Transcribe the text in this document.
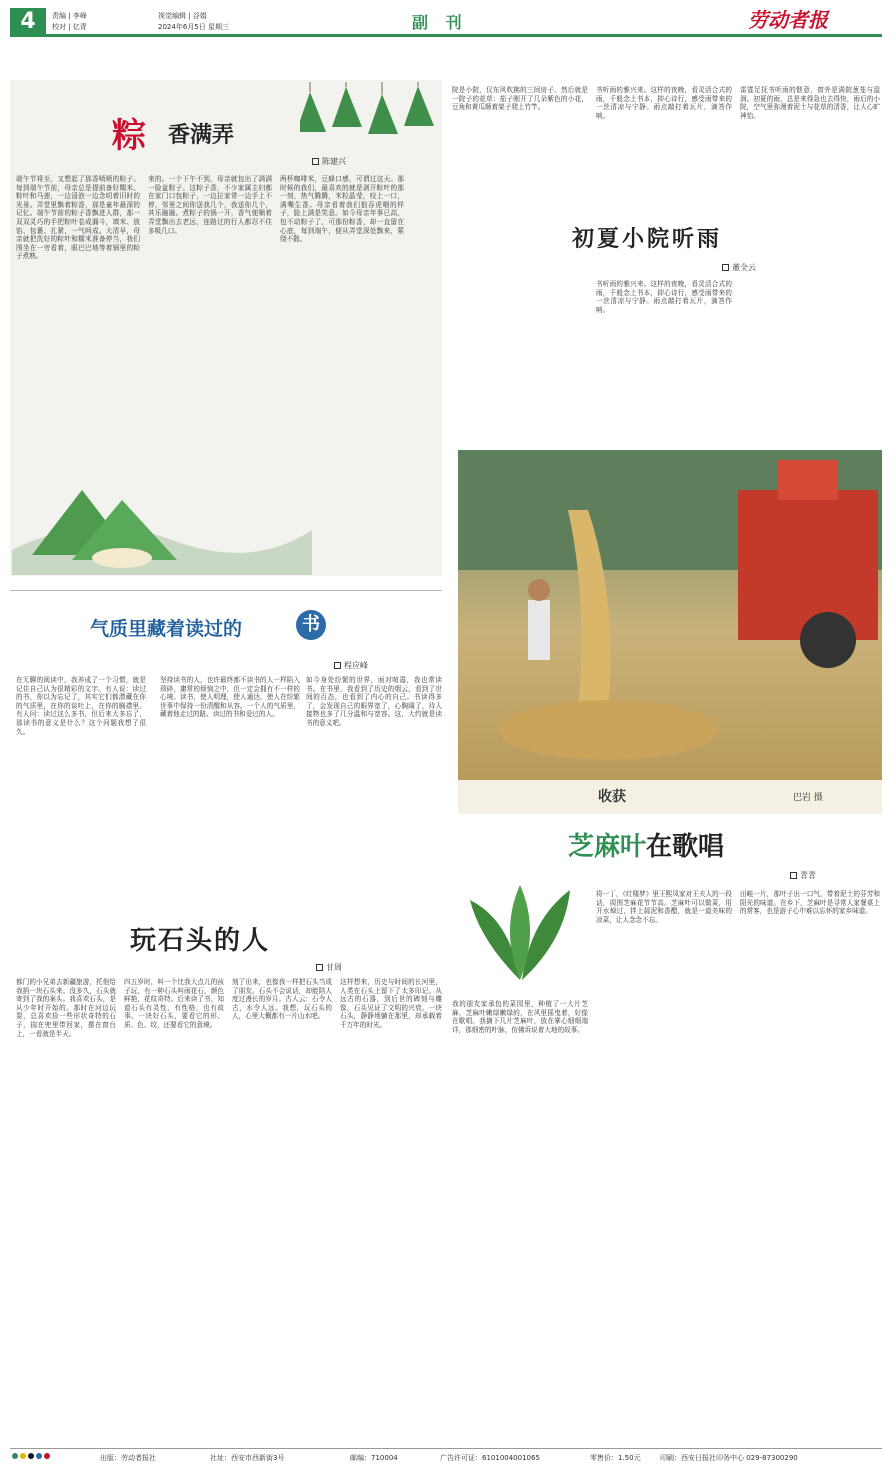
4	责编 | 李峰
校对 | 亿青
视觉编辑 | 谷娟
2024年6月5日 星期三	副 刊	劳动者报
粽 香满弄
陈建兴
端午节将至，又想起了那香喷喷的粽子。每到端午节前，母亲总是提前备好糯米、粽叶和马莲，一边浸泡一边念叨着旧时的光景。弄堂里飘着粽香，那是童年最深的记忆。端午节前的粽子香飘进人群，那一双双灵巧的手把粽叶卷成漏斗，填米、放馅、包裹、扎紧，一气呵成。大清早，母亲就把洗好的粽叶和糯米准备停当，我们围坐在一旁看着，眼巴巴地等着锅里的粽子煮熟。
来的。一个下午不到，母亲就包出了满满一脸盆粽子。这粽子香，不少家属主妇都在家门口包粽子，一边拉家常一边手上不停，邻里之间你送我几个，我送你几个，其乐融融。煮粽子的锅一开，香气便顺着弄堂飘出去老远，连路过的行人都忍不住多吸几口。
两杯咖啡米，豆蜂口感，可谓过这天。那时候的我们，最喜欢的就是剥开粽叶的那一刻，热气腾腾，米粒晶莹，咬上一口，满嘴生香。母亲看着我们狼吞虎咽的样子，脸上满是笑意。如今母亲年事已高，包不动粽子了，可那份粽香，却一直留在心底，每到端午，便从弄堂深处飘来，萦绕不散。
气质里藏着读过的	书
程应峰
在无聊的阅读中，我养成了一个习惯，就是记住自己认为很精彩的文字。有人说：读过的书，你以为忘记了，其实它们都潜藏在你的气质里，在你的谈吐上，在你的胸襟里。有人问：读过这么多书，但后来大多忘了，那读书的意义是什么？这个问题我想了很久。
坚持读书的人，也许最终都不读书的人一样陷入琐碎，庸常的烦恼之中，但一定会拥有不一样的心境。读书，使人明理，使人通达，使人在纷繁世事中保持一份清醒和从容。一个人的气质里，藏着他走过的路、读过的书和爱过的人。
如今身处纷繁的世界，面对喧嚣，我也常读书。在书里，我看到了历史的烟云，看到了世间的百态，也看到了内心的自己。书读得多了，会发现自己的眼界宽了，心胸阔了，待人接物也多了几分温和与宽容。这，大约就是读书的意义吧。
玩石头的人
甘周
都门的小兄弟去新疆旅游，托他给我捎一块石头来。没多久，石头就寄到了我的案头。我喜欢石头，是从少年时开始的。那时在河边玩耍，总喜欢捡一些形状奇特的石子，揣在兜里带回家，摆在窗台上，一看就是半天。
四五岁时，叫一个比我大点儿的孩子玩，有一种石头叫雨花石，颜色鲜艳，花纹奇特。后来读了书，知道石头有灵性，有性格，也有故事。一块好石头，要看它的形、质、色、纹，还要看它的意境。
刻了出来，也像我一样把石头当成了朋友。石头不会说话，却能陪人度过漫长的岁月。古人云：石令人古，水令人远。我想，玩石头的人，心里大概都有一片山水吧。
这样想来，历史与时间的长河里，人类在石头上留下了太多印记。从远古的石器，到后世的碑刻与雕像，石头见证了文明的兴衰。一块石头，静静地躺在那里，却承载着千万年的时光。
院是小院，仅东风吹拂的三间房子。然后就是一院子的花草：茄子刚开了几朵紫色的小花，豆角和黄瓜顺着架子爬上竹竿。
书听雨的雅兴来。这样的夜晚，看灵活合式的雨，千般念上书本，抑心诗行，感受雨带来的一丝清凉与宁静。雨点敲打着瓦片，滴答作响。
雷霆足抚书听雨的惬意，窗外是满院葱茏与湿润。初夏的雨，总是来得急也去得快，雨后的小院，空气里弥漫着泥土与花草的清香，让人心旷神怡。
初夏小院听雨
董全云
书听雨的雅兴来。这样的夜晚，看灵活合式的雨，千般念上书本，抑心诗行，感受雨带来的一丝清凉与宁静。雨点敲打着瓦片，滴答作响。
收获	巴岩 摄
芝麻叶在歌唱
青青
我的朋友家承包的菜园里，种植了一大片芝麻，芝麻叶嫩绿嫩绿的，在风里摇曳着，好像在歌唱。我摘下几片芝麻叶，放在掌心细细端详，那细密的叶脉，仿佛诉说着大地的故事。
将一丁，《红楼梦》里王熙凤家对王夫人的一段话，周围芝麻花节节高。芝麻叶可以做菜，用开水焯过，拌上蒜泥和香醋，就是一道美味的凉菜，让人念念不忘。
田畦一片，那叶子出一口气，带着泥土的芬芳和阳光的味道。在乡下，芝麻叶是寻常人家餐桌上的常客，也是游子心中难以忘怀的家乡味道。
出版：劳动者报社	社址：西安市西新街3号	邮编：710004	广告许可证：6101004001065	零售价：1.50元	印刷：西安日报社印务中心 029-87300290
